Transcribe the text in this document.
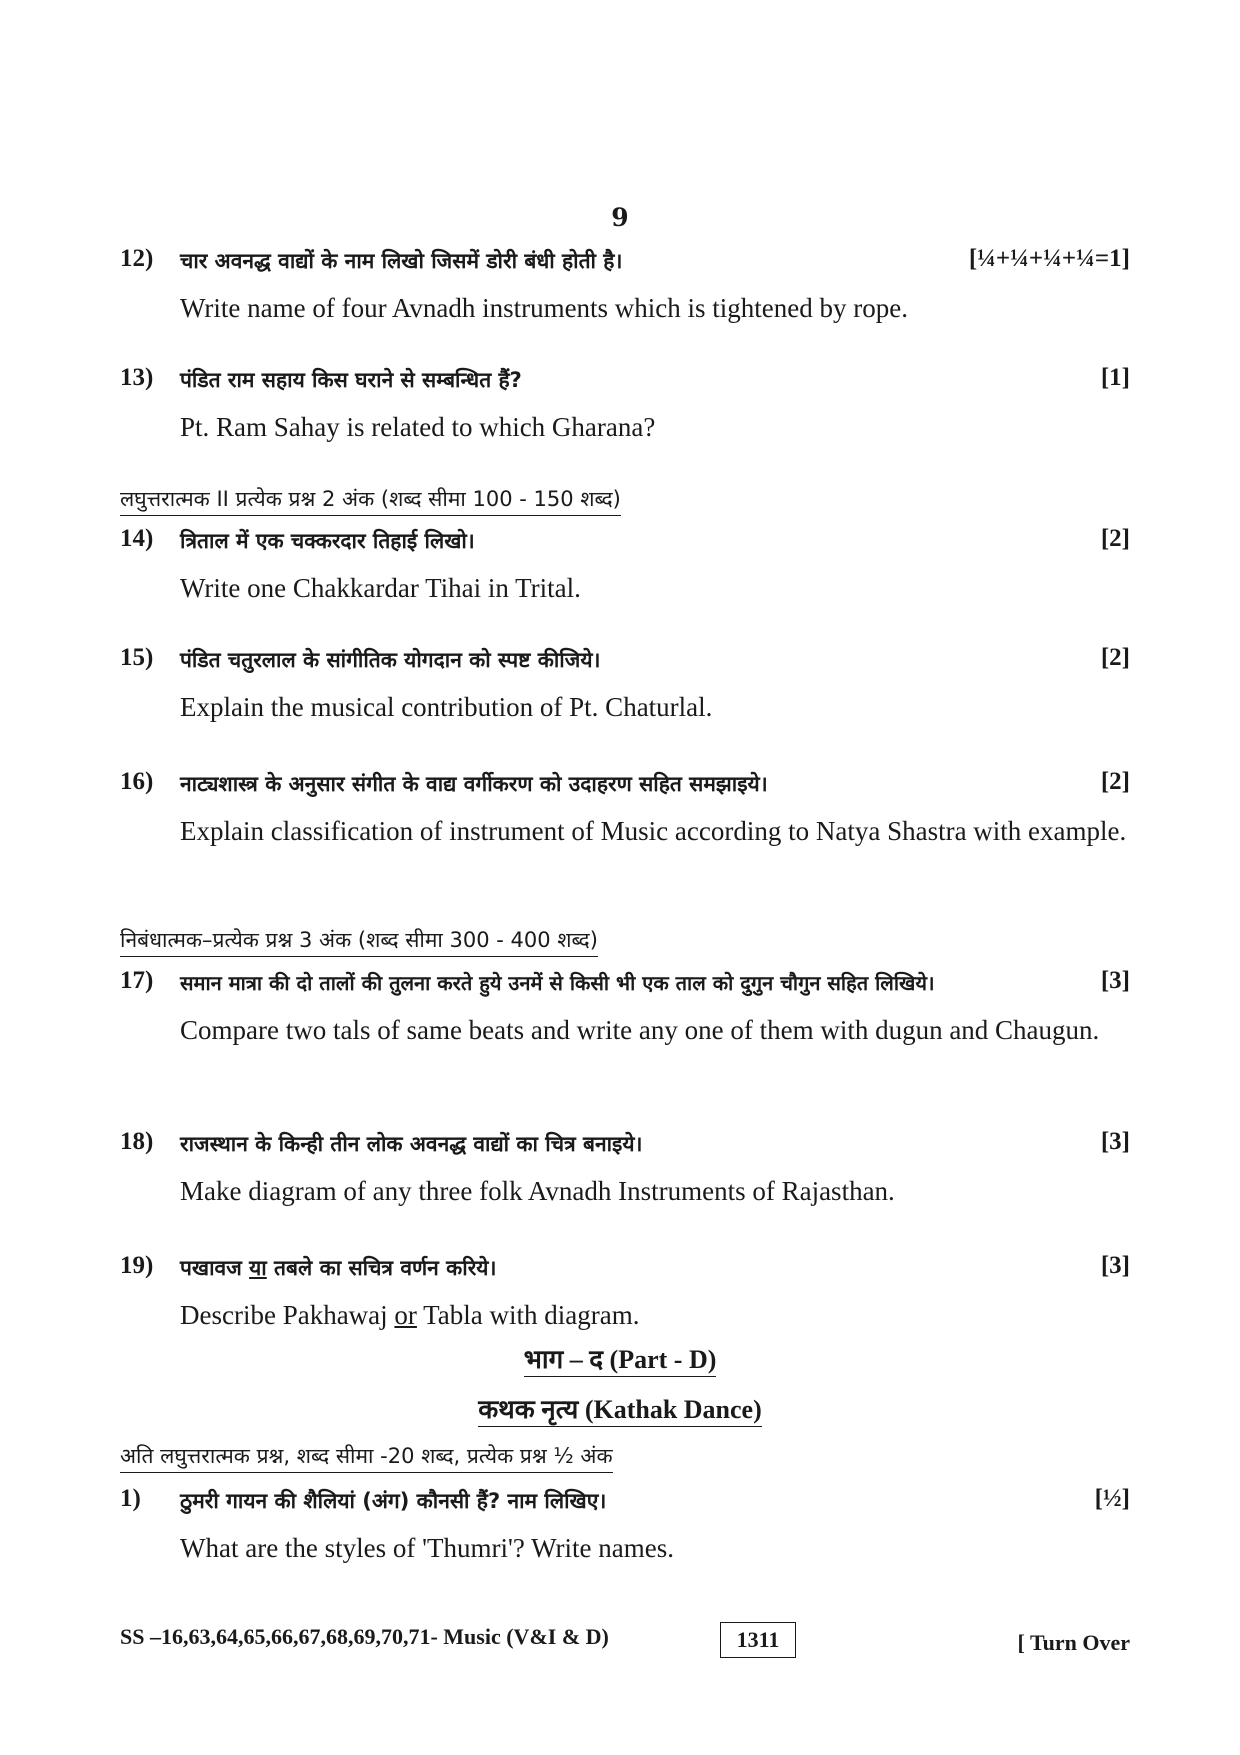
9
12) चार अवनद्ध वाद्यों के नाम लिखो जिसमें डोरी बंधी होती है।	[¼+¼+¼+¼=1]
Write name of four Avnadh instruments which is tightened by rope.
13) पंडित राम सहाय किस घराने से सम्बन्धित हैं?	[1]
Pt. Ram Sahay is related to which Gharana?
लघुत्तरात्मक II प्रत्येक प्रश्न 2 अंक (शब्द सीमा 100 - 150 शब्द)
14) त्रिताल में एक चक्करदार तिहाई लिखो।	[2]
Write one Chakkardar Tihai in Trital.
15) पंडित चतुरलाल के सांगीतिक योगदान को स्पष्ट कीजिये।	[2]
Explain the musical contribution of Pt. Chaturlal.
16) नाट्यशास्त्र के अनुसार संगीत के वाद्य वर्गीकरण को उदाहरण सहित समझाइये।	[2]
Explain classification of instrument of Music according to Natya Shastra with example.
निबंधात्मक–प्रत्येक प्रश्न 3 अंक (शब्द सीमा 300 - 400 शब्द)
17) समान मात्रा की दो तालों की तुलना करते हुये उनमें से किसी भी एक ताल को दुगुन चौगुन सहित लिखिये।	[3]
Compare two tals of same beats and write any one of them with dugun and Chaugun.
18) राजस्थान के किन्ही तीन लोक अवनद्ध वाद्यों का चित्र बनाइये।	[3]
Make diagram of any three folk Avnadh Instruments of Rajasthan.
19) पखावज या तबले का सचित्र वर्णन करिये।	[3]
Describe Pakhawaj or Tabla with diagram.
भाग – द (Part - D)
कथक नृत्य (Kathak Dance)
अति लघुत्तरात्मक प्रश्न, शब्द सीमा -20 शब्द, प्रत्येक प्रश्न ½ अंक
1) ठुमरी गायन की शैलियां (अंग) कौनसी हैं? नाम लिखिए।	[½]
What are the styles of 'Thumri'? Write names.
SS –16,63,64,65,66,67,68,69,70,71- Music (V&I & D)	1311	[ Turn Over
